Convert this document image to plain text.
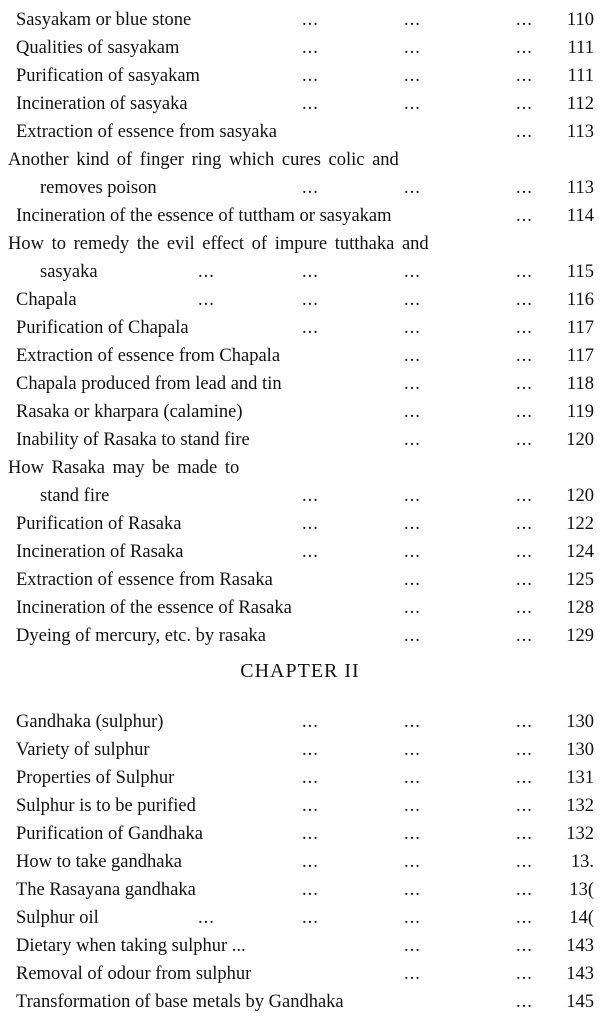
Sasyakam or blue stone	...	...	... 110
Qualities of sasyakam	...	...	... 111
Purification of sasyakam	...	...	... 111
Incineration of sasyaka	...	...	... 112
Extraction of essence from sasyaka	... 113
Another kind of finger ring which cures colic and
removes poison	...	...	... 113
Incineration of the essence of tuttham or sasyakam	... 114
How to remedy the evil effect of impure tutthaka and
sasyaka	...	...	...	... 115
Chapala	...	...	...	... 116
Purification of Chapala	...	...	... 117
Extraction of essence from Chapala	...	... 117
Chapala produced from lead and tin	...	... 118
Rasaka or kharpara (calamine)	...	... 119
Inability of Rasaka to stand fire	...	... 120
How Rasaka may be made to
stand fire	...	...	... 120
Purification of Rasaka	...	...	... 122
Incineration of Rasaka	...	...	... 124
Extraction of essence from Rasaka	...	... 125
Incineration of the essence of Rasaka	...	... 128
Dyeing of mercury, etc. by rasaka	...	... 129
CHAPTER II
Gandhaka (sulphur)	...	...	... 130
Variety of sulphur	...	...	... 130
Properties of Sulphur	...	...	... 131
Sulphur is to be purified	...	...	... 132
Purification of Gandhaka	...	...	... 132
How to take gandhaka	...	...	... 13.
The Rasayana gandhaka	...	...	... 13(
Sulphur oil	...	...	...	... 14(
Dietary when taking sulphur ...	...	... 143
Removal of odour from sulphur	...	... 143
Transformation of base metals by Gandhaka	... 145
